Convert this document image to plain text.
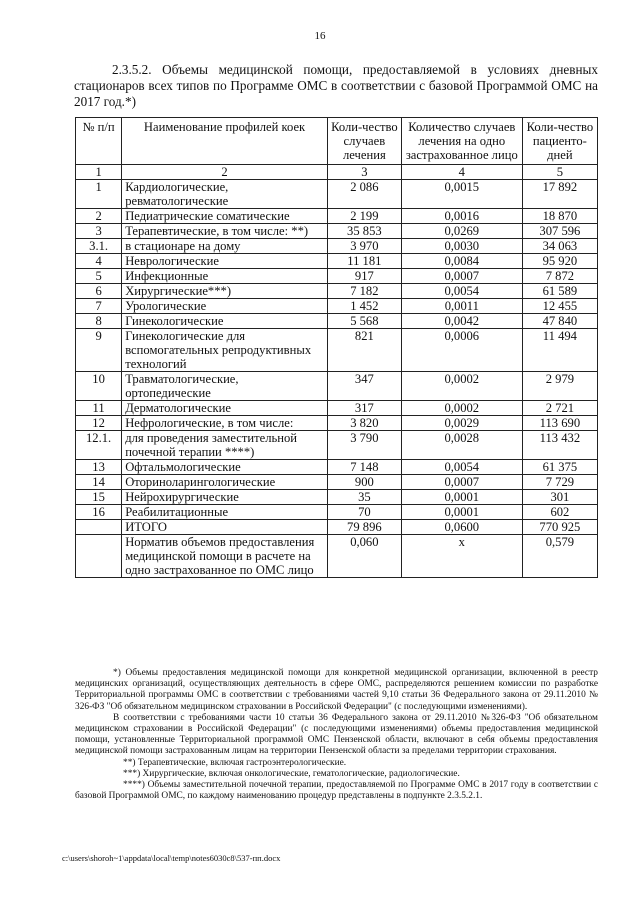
16
2.3.5.2. Объемы медицинской помощи, предоставляемой в условиях дневных стационаров всех типов по Программе ОМС в соответствии с базовой Программой ОМС на 2017 год.*)
№ п/п	Наименование профилей коек	Коли-чество случаев лечения	Количество случаев лечения на одно застрахованное лицо	Коли-чество пациенто-дней
1	2	3	4	5
1	Кардиологические, ревматологические	2 086	0,0015	17 892
2	Педиатрические соматические	2 199	0,0016	18 870
3	Терапевтические, в том числе: **)	35 853	0,0269	307 596
3.1.	в стационаре на дому	3 970	0,0030	34 063
4	Неврологические	11 181	0,0084	95 920
5	Инфекционные	917	0,0007	7 872
6	Хирургические***)	7 182	0,0054	61 589
7	Урологические	1 452	0,0011	12 455
8	Гинекологические	5 568	0,0042	47 840
9	Гинекологические для вспомогательных репродуктивных технологий	821	0,0006	11 494
10	Травматологические, ортопедические	347	0,0002	2 979
11	Дерматологические	317	0,0002	2 721
12	Нефрологические, в том числе:	3 820	0,0029	113 690
12.1.	для проведения заместительной почечной терапии ****)	3 790	0,0028	113 432
13	Офтальмологические	7 148	0,0054	61 375
14	Оториноларингологические	900	0,0007	7 729
15	Нейрохирургические	35	0,0001	301
16	Реабилитационные	70	0,0001	602
	ИТОГО	79 896	0,0600	770 925
	Норматив объемов предоставления медицинской помощи в расчете на одно застрахованное по ОМС лицо	0,060	х	0,579

*) Объемы предоставления медицинской помощи для конкретной медицинской организации, включенной в реестр медицинских организаций, осуществляющих деятельность в сфере ОМС, распределяются решением комиссии по разработке Территориальной программы ОМС в соответствии с требованиями частей 9,10 статьи 36 Федерального закона от 29.11.2010 № 326-ФЗ "Об обязательном медицинском страховании в Российской Федерации" (с последующими изменениями).

В соответствии с требованиями части 10 статьи 36 Федерального закона от 29.11.2010 №326-ФЗ "Об обязательном медицинском страховании в Российской Федерации" (с последующими изменениями) объемы предоставления медицинской помощи, установленные Территориальной программой ОМС Пензенской области, включают в себя объемы предоставления медицинской помощи застрахованным лицам на территории Пензенской области за пределами территории страхования.

**) Терапевтические, включая гастроэнтерологические.

***) Хирургические, включая онкологические, гематологические, радиологические.

****) Объемы заместительной почечной терапии, предоставляемой по Программе ОМС в 2017 году в соответствии с базовой Программой ОМС, по каждому наименованию процедур представлены в подпункте 2.3.5.2.1.

c:\users\shoroh~1\appdata\local\temp\notes6030c8\537-пп.docx
